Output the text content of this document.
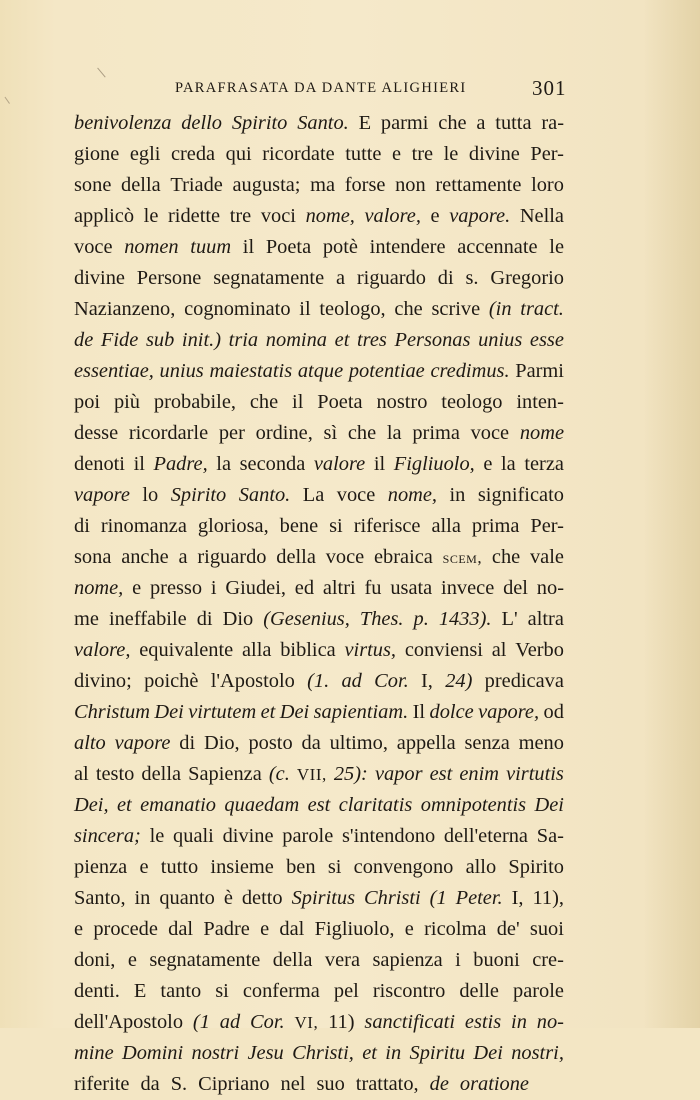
PARAFRASATA DA DANTE ALIGHIERI	301
benivolenza dello Spirito Santo. E parmi che a tutta ra-
gione egli creda qui ricordate tutte e tre le divine Per-
sone della Triade augusta; ma forse non rettamente loro
applicò le ridette tre voci nome, valore, e vapore. Nella
voce nomen tuum il Poeta potè intendere accennate le
divine Persone segnatamente a riguardo di s. Gregorio
Nazianzeno, cognominato il teologo, che scrive (in tract.
de Fide sub init.) tria nomina et tres Personas unius esse
essentiae, unius maiestatis atque potentiae credimus. Parmi
poi più probabile, che il Poeta nostro teologo inten-
desse ricordarle per ordine, sì che la prima voce nome
denoti il Padre, la seconda valore il Figliuolo, e la terza
vapore lo Spirito Santo. La voce nome, in significato
di rinomanza gloriosa, bene si riferisce alla prima Per-
sona anche a riguardo della voce ebraica scem, che vale
nome, e presso i Giudei, ed altri fu usata invece del no-
me ineffabile di Dio (Gesenius, Thes. p. 1433). L' altra
valore, equivalente alla biblica virtus, conviensi al Verbo
divino; poichè l'Apostolo (1. ad Cor. I, 24) predicava
Christum Dei virtutem et Dei sapientiam. Il dolce vapore, od
alto vapore di Dio, posto da ultimo, appella senza meno
al testo della Sapienza (c. VII, 25): vapor est enim virtutis
Dei, et emanatio quaedam est claritatis omnipotentis Dei
sincera; le quali divine parole s'intendono dell'eterna Sa-
pienza e tutto insieme ben si convengono allo Spirito
Santo, in quanto è detto Spiritus Christi (1 Peter. I, 11),
e procede dal Padre e dal Figliuolo, e ricolma de' suoi
doni, e segnatamente della vera sapienza i buoni cre-
denti. E tanto si conferma pel riscontro delle parole
dell'Apostolo (1 ad Cor. VI, 11) sanctificati estis in no-
mine Domini nostri Jesu Christi, et in Spiritu Dei nostri,
riferite da S. Cipriano nel suo trattato, de oratione
